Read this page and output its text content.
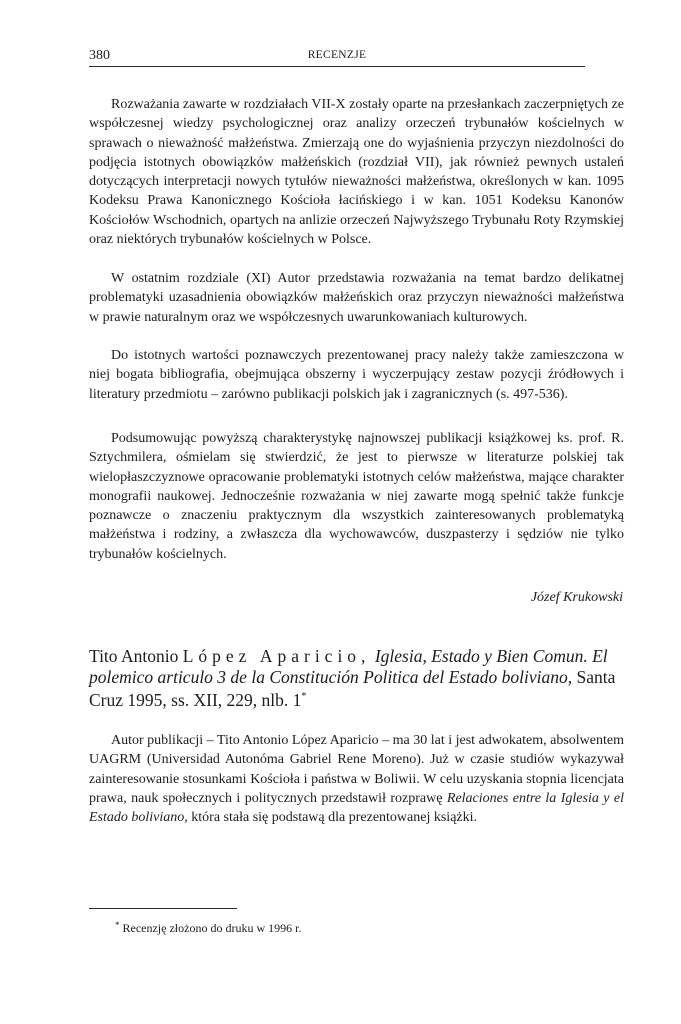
380	RECENZJE

Rozważania zawarte w rozdziałach VII-X zostały oparte na przesłankach zaczerpniętych ze współczesnej wiedzy psychologicznej oraz analizy orzeczeń trybunałów kościelnych w sprawach o nieważność małżeństwa. Zmierzają one do wyjaśnienia przyczyn niezdolności do podjęcia istotnych obowiązków małżeńskich (rozdział VII), jak również pewnych ustaleń dotyczących interpretacji nowych tytułów nieważności małżeństwa, określonych w kan. 1095 Kodeksu Prawa Kanonicznego Kościoła łacińskiego i w kan. 1051 Kodeksu Kanonów Kościołów Wschodnich, opartych na anlizie orzeczeń Najwyższego Trybunału Roty Rzymskiej oraz niektórych trybunałów kościelnych w Polsce.

W ostatnim rozdziale (XI) Autor przedstawia rozważania na temat bardzo delikatnej problematyki uzasadnienia obowiązków małżeńskich oraz przyczyn nieważności małżeństwa w prawie naturalnym oraz we współczesnych uwarunkowaniach kulturowych.

Do istotnych wartości poznawczych prezentowanej pracy należy także zamieszczona w niej bogata bibliografia, obejmująca obszerny i wyczerpujący zestaw pozycji źródłowych i literatury przedmiotu – zarówno publikacji polskich jak i zagranicznych (s. 497-536).

Podsumowując powyższą charakterystykę najnowszej publikacji książkowej ks. prof. R. Sztychmilera, ośmielam się stwierdzić, że jest to pierwsze w literaturze polskiej tak wielopłaszczyznowe opracowanie problematyki istotnych celów małżeństwa, mające charakter monografii naukowej. Jednocześnie rozważania w niej zawarte mogą spełnić także funkcje poznawcze o znaczeniu praktycznym dla wszystkich zainteresowanych problematyką małżeństwa i rodziny, a zwłaszcza dla wychowawców, duszpasterzy i sędziów nie tylko trybunałów kościelnych.

Józef Krukowski

Tito Antonio López Aparicio, Iglesia, Estado y Bien Comun. El polemico articulo 3 de la Constitución Politica del Estado boliviano, Santa Cruz 1995, ss. XII, 229, nlb. 1*

Autor publikacji – Tito Antonio López Aparicio – ma 30 lat i jest adwokatem, absolwentem UAGRM (Universidad Autonóma Gabriel Rene Moreno). Już w czasie studiów wykazywał zainteresowanie stosunkami Kościoła i państwa w Boliwii. W celu uzyskania stopnia licencjata prawa, nauk społecznych i politycznych przedstawił rozprawę Relaciones entre la Iglesia y el Estado boliviano, która stała się podstawą dla prezentowanej książki.

* Recenzję złożono do druku w 1996 r.
